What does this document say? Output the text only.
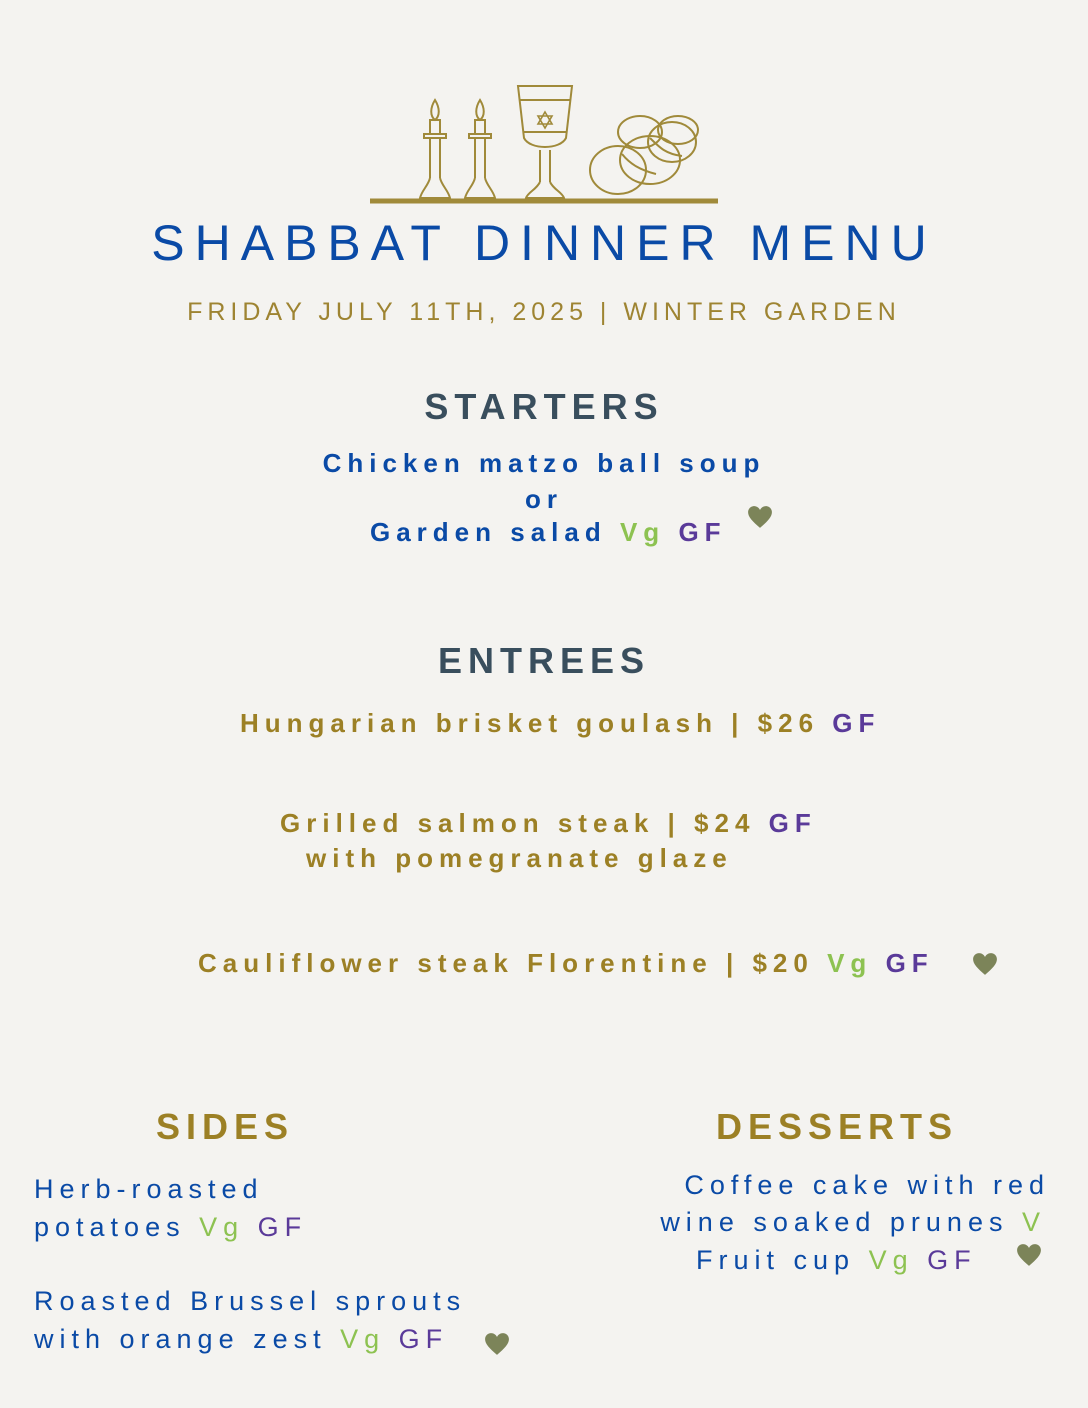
SHABBAT DINNER MENU
FRIDAY JULY 11TH, 2025 | WINTER GARDEN
STARTERS
Chicken matzo ball soup
or
Garden salad Vg GF
ENTREES
Hungarian brisket goulash | $26 GF
Grilled salmon steak | $24 GF
with pomegranate glaze
Cauliflower steak Florentine | $20 Vg GF
SIDES
Herb-roasted
potatoes Vg GF
Roasted Brussel sprouts
with orange zest Vg GF
DESSERTS
Coffee cake with red
wine soaked prunes V
Fruit cup Vg GF
